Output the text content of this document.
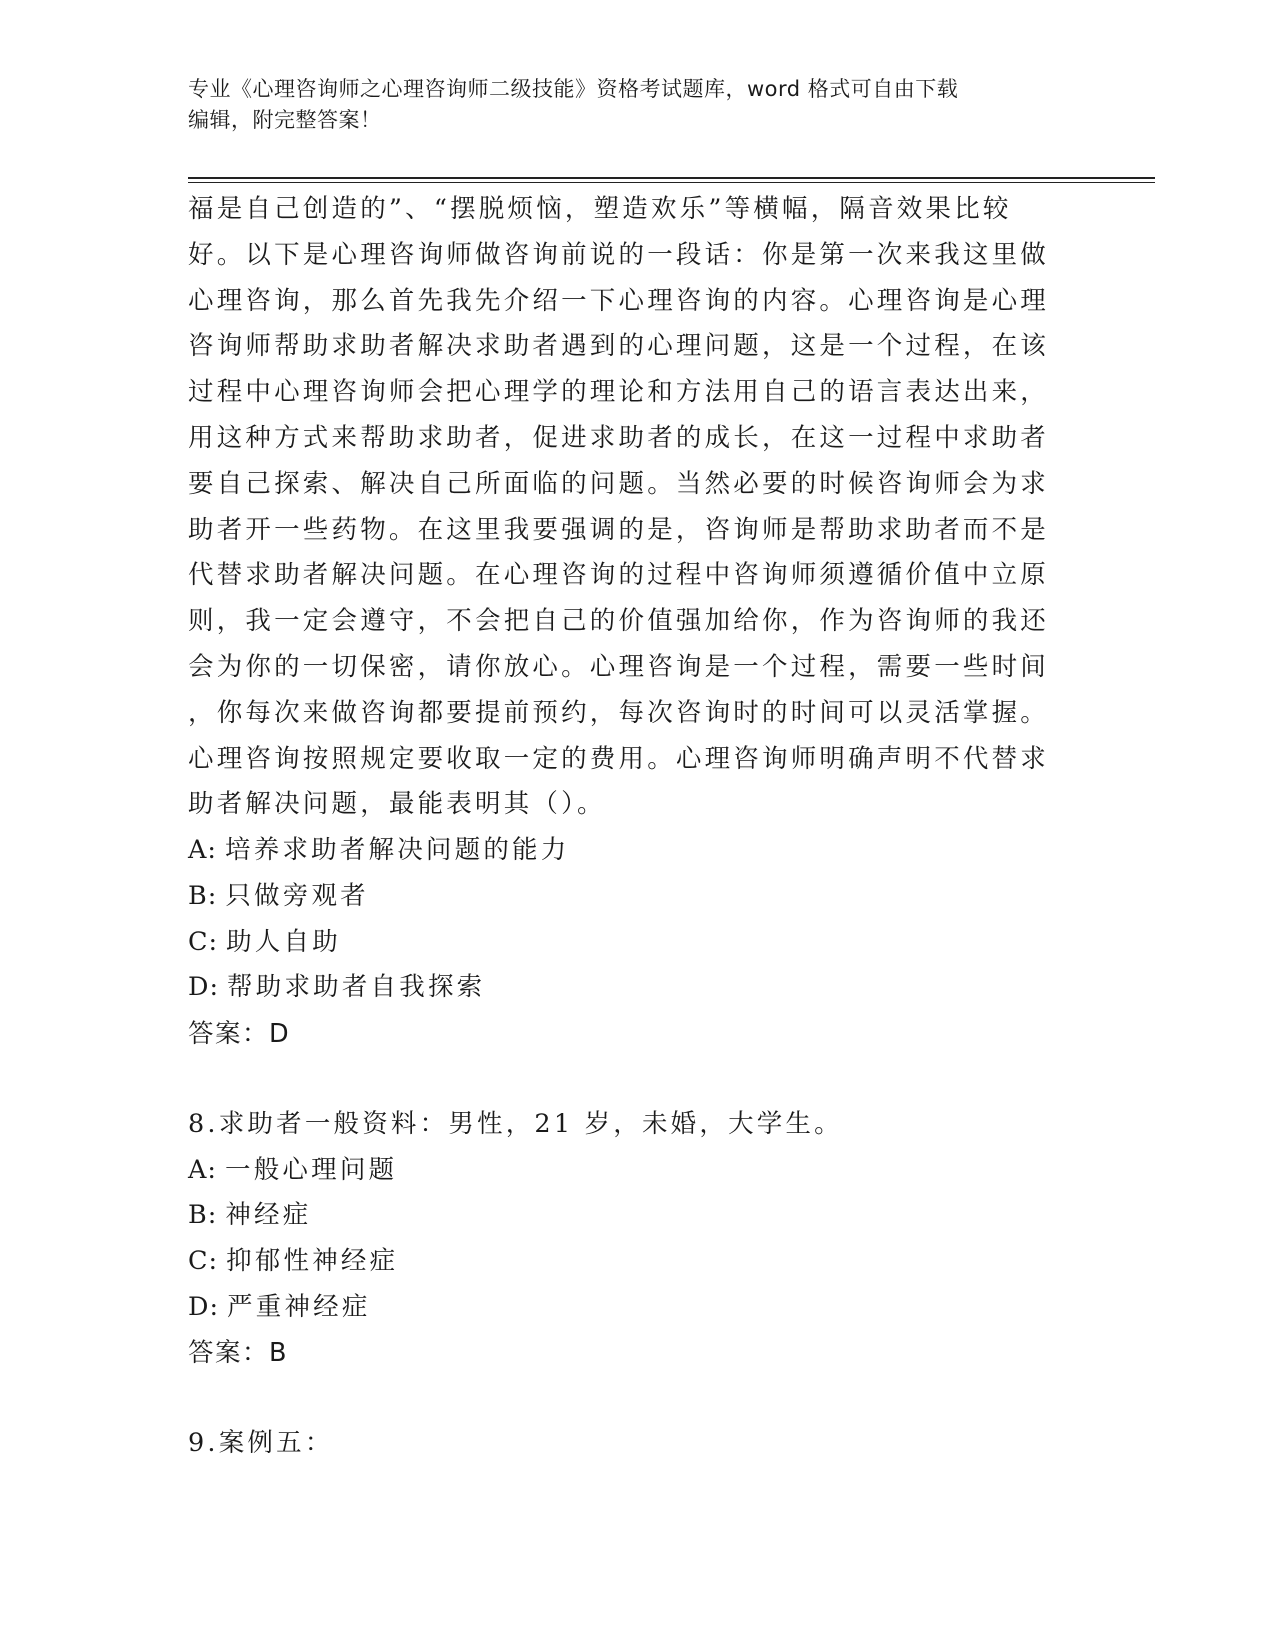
专业《心理咨询师之心理咨询师二级技能》资格考试题库，word 格式可自由下载
编辑，附完整答案！
福是自己创造的”、“摆脱烦恼，塑造欢乐”等横幅，隔音效果比较
好。以下是心理咨询师做咨询前说的一段话：你是第一次来我这里做
心理咨询，那么首先我先介绍一下心理咨询的内容。心理咨询是心理
咨询师帮助求助者解决求助者遇到的心理问题，这是一个过程，在该
过程中心理咨询师会把心理学的理论和方法用自己的语言表达出来，
用这种方式来帮助求助者，促进求助者的成长，在这一过程中求助者
要自己探索、解决自己所面临的问题。当然必要的时候咨询师会为求
助者开一些药物。在这里我要强调的是，咨询师是帮助求助者而不是
代替求助者解决问题。在心理咨询的过程中咨询师须遵循价值中立原
则，我一定会遵守，不会把自己的价值强加给你，作为咨询师的我还
会为你的一切保密，请你放心。心理咨询是一个过程，需要一些时间
，你每次来做咨询都要提前预约，每次咨询时的时间可以灵活掌握。
心理咨询按照规定要收取一定的费用。心理咨询师明确声明不代替求
助者解决问题，最能表明其（）。
A: 培养求助者解决问题的能力
B: 只做旁观者
C: 助人自助
D: 帮助求助者自我探索
答案：D
8.求助者一般资料：男性，21 岁，未婚，大学生。
A: 一般心理问题
B: 神经症
C: 抑郁性神经症
D: 严重神经症
答案：B
9.案例五：
